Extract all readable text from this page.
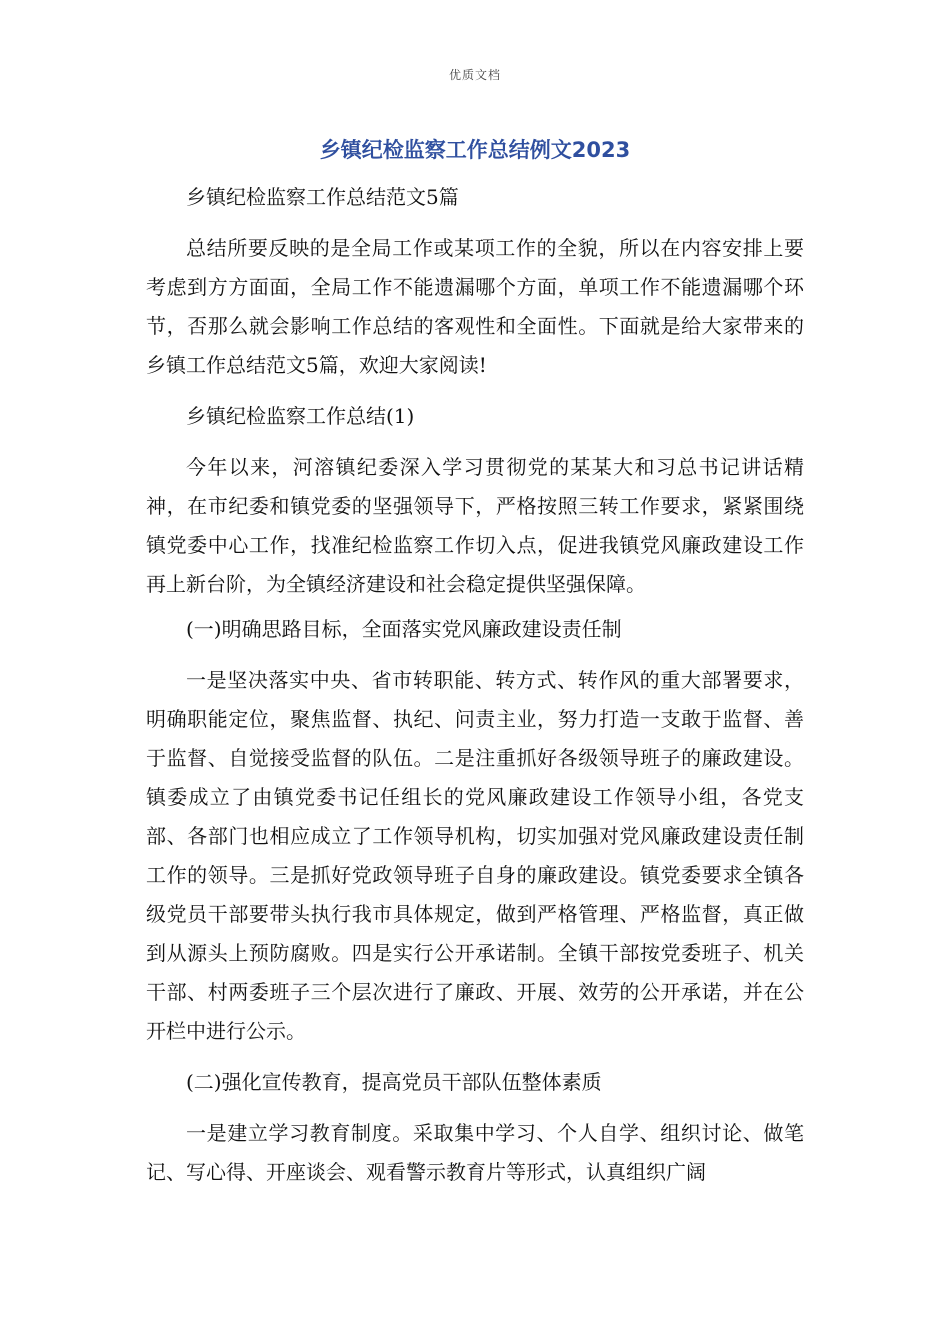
优质文档
乡镇纪检监察工作总结例文2023

乡镇纪检监察工作总结范文5篇

总结所要反映的是全局工作或某项工作的全貌，所以在内容安排上要考虑到方方面面，全局工作不能遗漏哪个方面，单项工作不能遗漏哪个环节，否那么就会影响工作总结的客观性和全面性。下面就是给大家带来的乡镇工作总结范文5篇，欢迎大家阅读!

乡镇纪检监察工作总结(1)

今年以来，河溶镇纪委深入学习贯彻党的某某大和习总书记讲话精神，在市纪委和镇党委的坚强领导下，严格按照三转工作要求，紧紧围绕镇党委中心工作，找准纪检监察工作切入点，促进我镇党风廉政建设工作再上新台阶，为全镇经济建设和社会稳定提供坚强保障。

(一)明确思路目标，全面落实党风廉政建设责任制

一是坚决落实中央、省市转职能、转方式、转作风的重大部署要求，明确职能定位，聚焦监督、执纪、问责主业，努力打造一支敢于监督、善于监督、自觉接受监督的队伍。二是注重抓好各级领导班子的廉政建设。镇委成立了由镇党委书记任组长的党风廉政建设工作领导小组，各党支部、各部门也相应成立了工作领导机构，切实加强对党风廉政建设责任制工作的领导。三是抓好党政领导班子自身的廉政建设。镇党委要求全镇各级党员干部要带头执行我市具体规定，做到严格管理、严格监督，真正做到从源头上预防腐败。四是实行公开承诺制。全镇干部按党委班子、机关干部、村两委班子三个层次进行了廉政、开展、效劳的公开承诺，并在公开栏中进行公示。

(二)强化宣传教育，提高党员干部队伍整体素质

一是建立学习教育制度。采取集中学习、个人自学、组织讨论、做笔记、写心得、开座谈会、观看警示教育片等形式，认真组织广阔
